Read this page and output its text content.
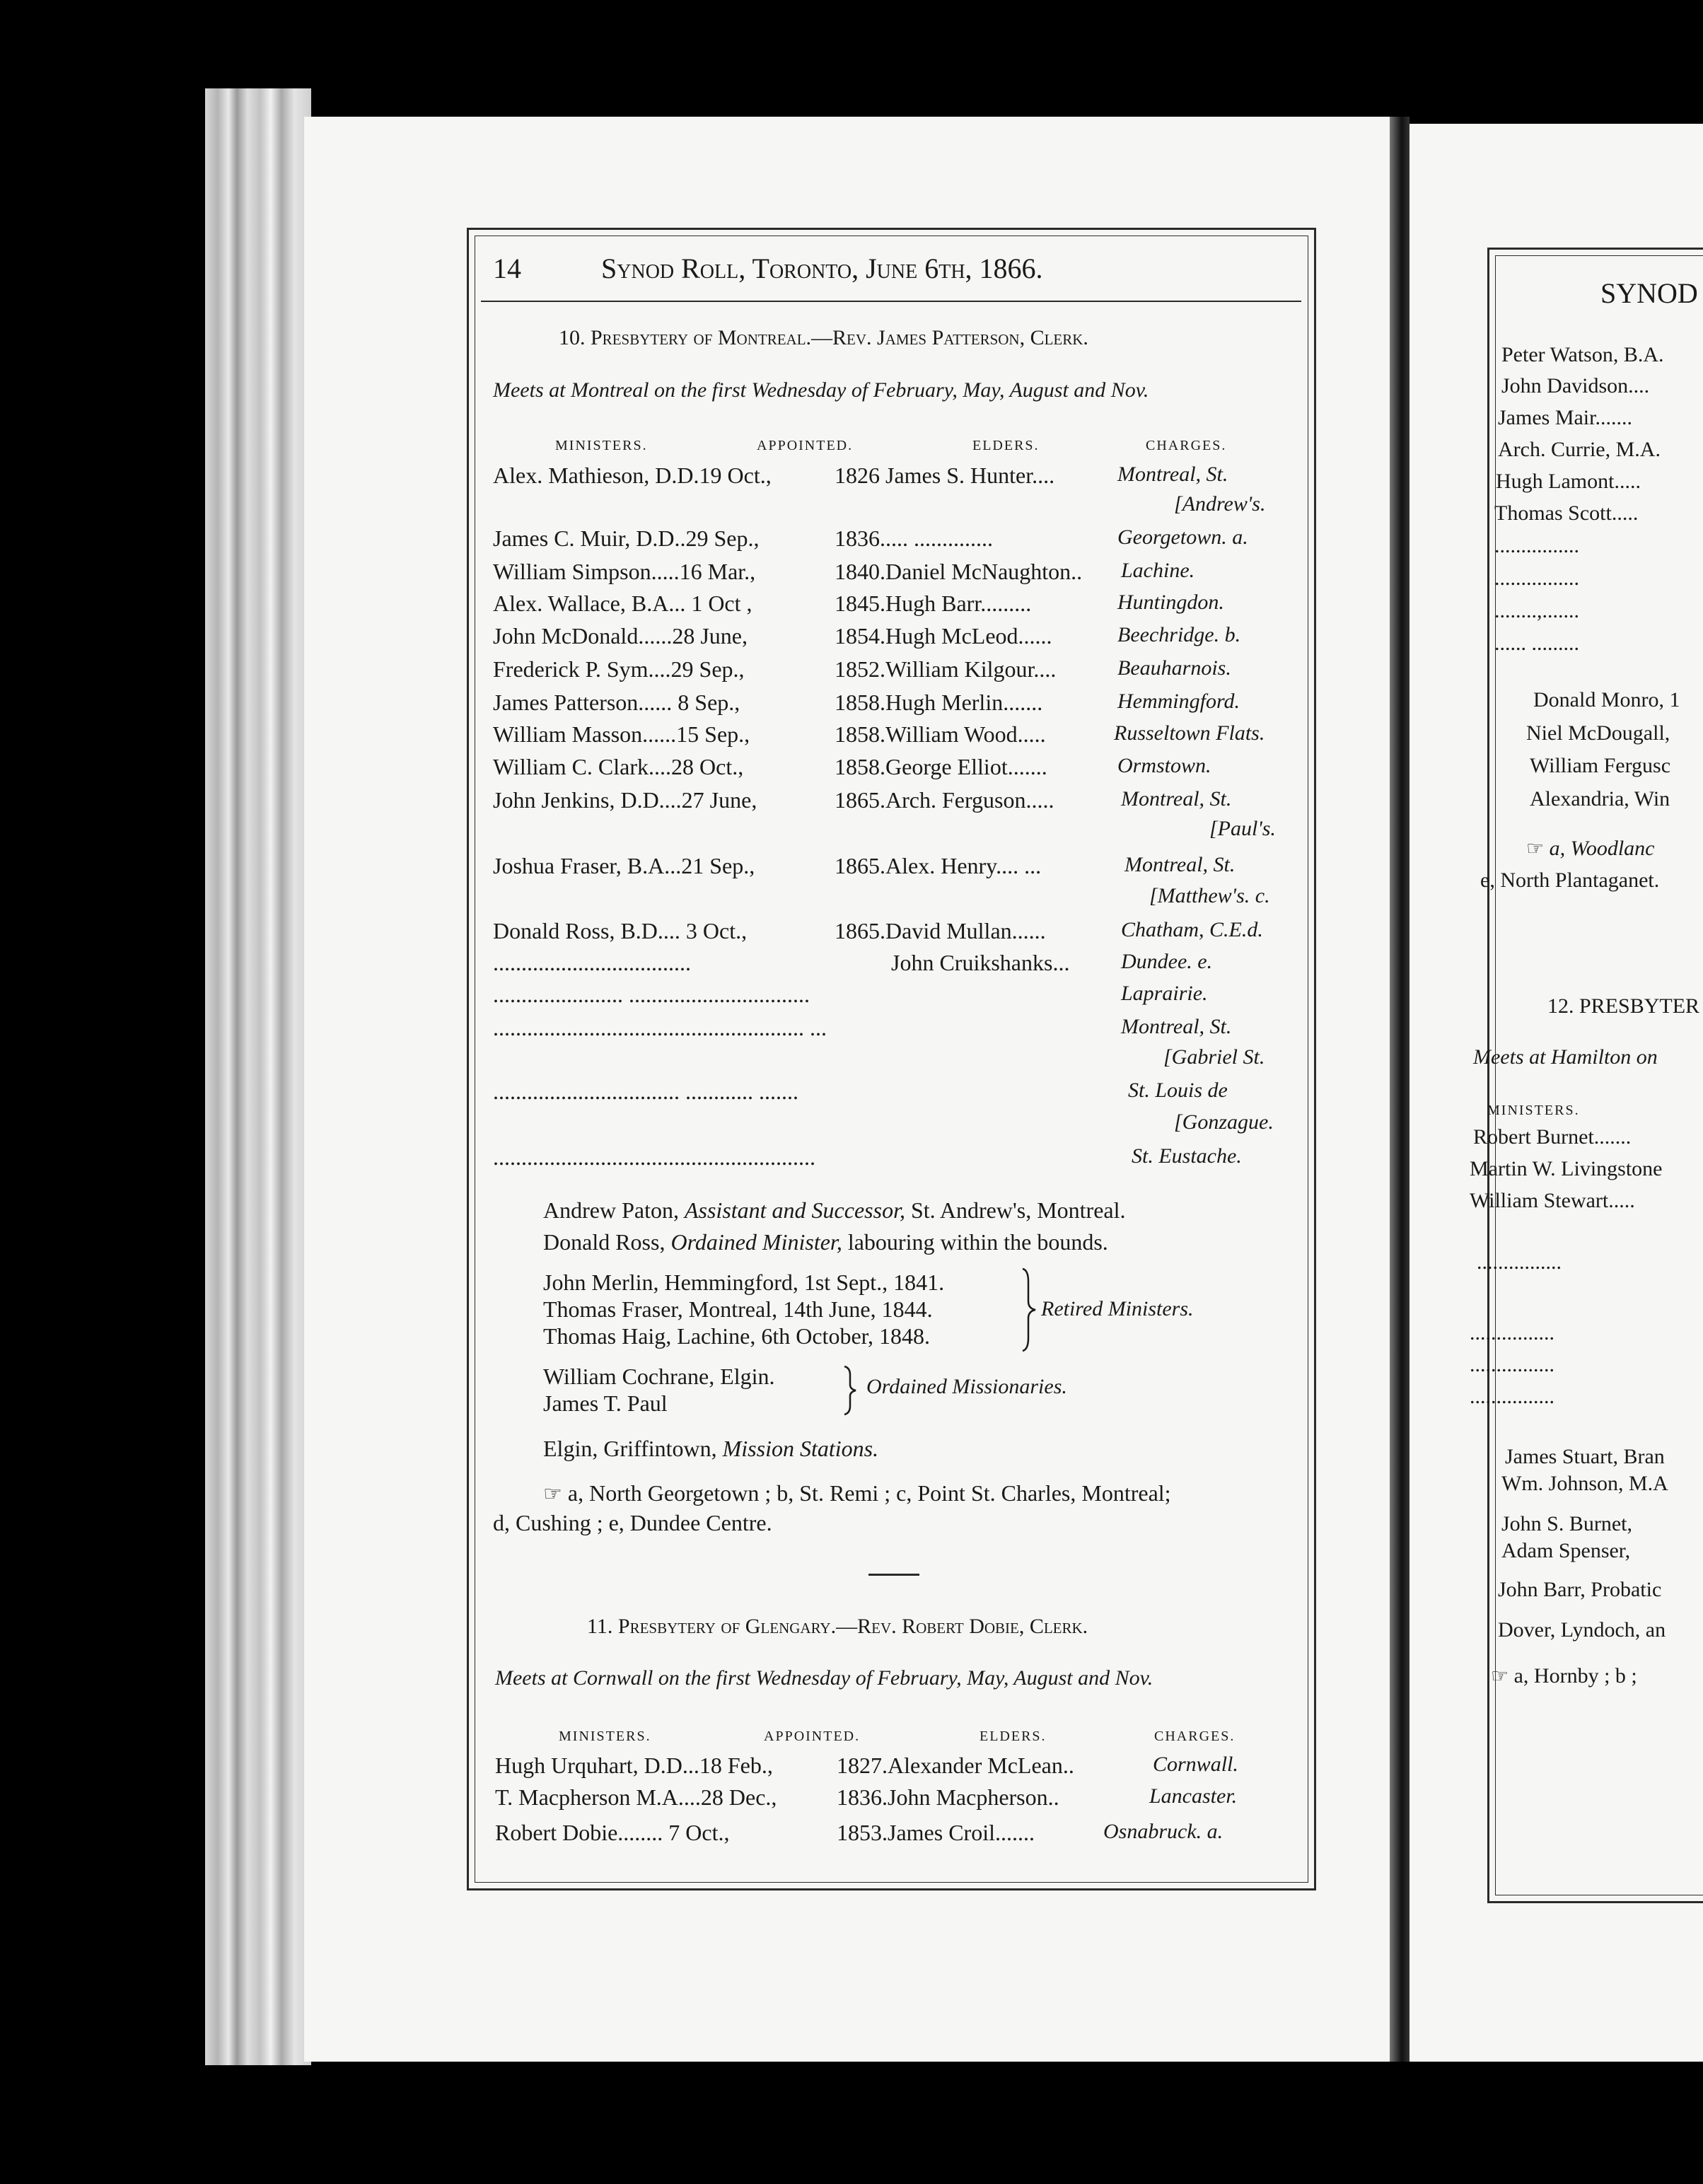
14	Synod Roll, Toronto, June 6th, 1866.
10. Presbytery of Montreal.—Rev. James Patterson, Clerk.
Meets at Montreal on the first Wednesday of February, May, August and Nov.
MINISTERS.	APPOINTED.	ELDERS.	CHARGES.
Alex. Mathieson, D.D.19 Oct.,	1826 James S. Hunter....	Montreal, St.
[Andrew's.
James C. Muir, D.D..29 Sep.,	1836..... ..............	Georgetown. a.
William Simpson.....16 Mar.,	1840.Daniel McNaughton.. Lachine.
Alex. Wallace, B.A... 1 Oct ,	1845.Hugh Barr.........	Huntingdon.
John McDonald......28 June,	1854.Hugh McLeod......	Beechridge. b.
Frederick P. Sym....29 Sep.,	1852.William Kilgour....	Beauharnois.
James Patterson...... 8 Sep.,	1858.Hugh Merlin.......	Hemmingford.
William Masson......15 Sep.,	1858.William Wood.....	Russeltown Flats.
William C. Clark....28 Oct.,	1858.George Elliot.......	Ormstown.
John Jenkins, D.D....27 June,	1865.Arch. Ferguson.....	Montreal, St.
[Paul's.
Joshua Fraser, B.A...21 Sep.,	1865.Alex. Henry.... ...	Montreal, St.
[Matthew's. c.
Donald Ross, B.D.... 3 Oct.,	1865.David Mullan......	Chatham, C.E.d.
...................................	John Cruikshanks... Dundee. e.
....................... ................................	Laprairie.
....................................................... ...	Montreal, St.
[Gabriel St.
................................. ............ .......	St. Louis de
[Gonzague.
.........................................................	St. Eustache.
Andrew Paton, Assistant and Successor, St. Andrew's, Montreal.
Donald Ross, Ordained Minister, labouring within the bounds.
John Merlin, Hemmingford, 1st Sept., 1841.
Thomas Fraser, Montreal, 14th June, 1844.
Thomas Haig, Lachine, 6th October, 1848.
Retired Ministers.
William Cochrane, Elgin.
James T. Paul
Ordained Missionaries.
Elgin, Griffintown, Mission Stations.
☞ a, North Georgetown ; b, St. Remi ; c, Point St. Charles, Montreal;
d, Cushing ; e, Dundee Centre.
11. Presbytery of Glengary.—Rev. Robert Dobie, Clerk.
Meets at Cornwall on the first Wednesday of February, May, August and Nov.
MINISTERS.	APPOINTED.	ELDERS.	CHARGES.
Hugh Urquhart, D.D...18 Feb.,	1827.Alexander McLean..	Cornwall.
T. Macpherson M.A....28 Dec.,	1836.John Macpherson..	Lancaster.
Robert Dobie........ 7 Oct.,	1853.James Croil.......	Osnabruck. a.
SYNOD
Peter Watson, B.A.
John Davidson....
James Mair.......
Arch. Currie, M.A.
Hugh Lamont.....
Thomas Scott.....
................
................
........,.......
...... .........
Donald Monro, 1
Niel McDougall,
William Fergusc
Alexandria, Win
☞ a, Woodlanc
e, North Plantaganet.
12. PRESBYTER
Meets at Hamilton on
MINISTERS.
Robert Burnet.......
Martin W. Livingstone
William Stewart.....
................
................
................
................
James Stuart, Bran
Wm. Johnson, M.A
John S. Burnet,
Adam Spenser,
John Barr, Probatic
Dover, Lyndoch, an
☞ a, Hornby ; b ;
